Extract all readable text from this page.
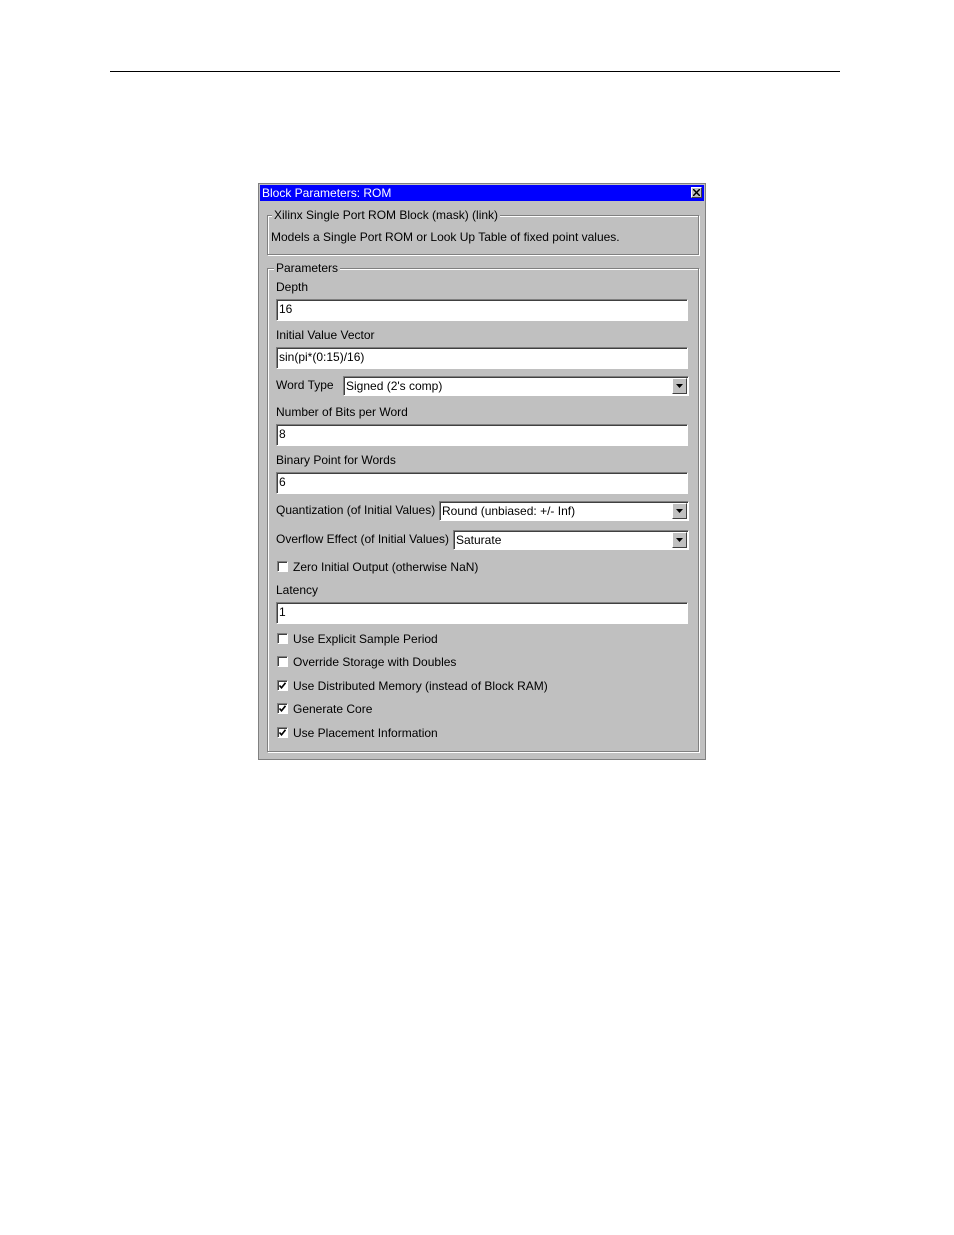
Block Parameters: ROM
Xilinx Single Port ROM Block (mask) (link)
Models a Single Port ROM or Look Up Table of fixed point values.
Parameters
Depth
16
Initial Value Vector
sin(pi*(0:15)/16)
Word Type Signed (2's comp)
Number of Bits per Word
8
Binary Point for Words
6
Quantization (of Initial Values) Round (unbiased: +/- Inf)
Overflow Effect (of Initial Values) Saturate
Zero Initial Output (otherwise NaN)
Latency
1
Use Explicit Sample Period
Override Storage with Doubles
Use Distributed Memory (instead of Block RAM)
Generate Core
Use Placement Information
